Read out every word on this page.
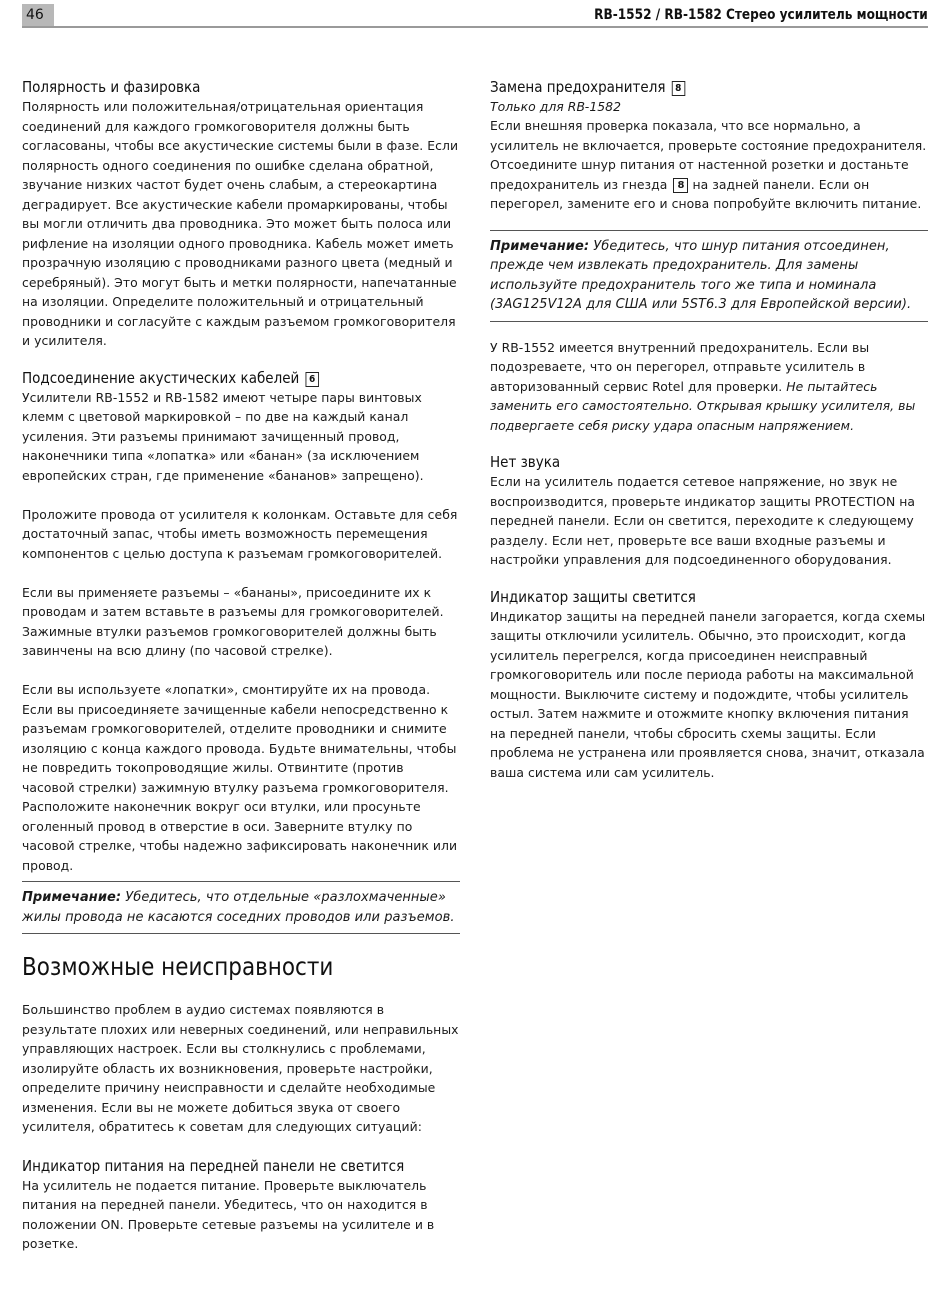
46	RB-1552 / RB-1582 Стерео усилитель мощности
Полярность и фазировка

Полярность или положительная/отрицательная ориентация соединений для каждого громкоговорителя должны быть согласованы, чтобы все акустические системы были в фазе. Если полярность одного соединения по ошибке сделана обратной, звучание низких частот будет очень слабым, а стереокартина деградирует. Все акустические кабели промаркированы, чтобы вы могли отличить два проводника. Это может быть полоса или рифление на изоляции одного проводника. Кабель может иметь прозрачную изоляцию с проводниками разного цвета (медный и серебряный). Это могут быть и метки полярности, напечатанные на изоляции. Определите положительный и отрицательный проводники и согласуйте с каждым разъемом громкоговорителя и усилителя.

Подсоединение акустических кабелей 6

Усилители RB-1552 и RB-1582 имеют четыре пары винтовых клемм с цветовой маркировкой – по две на каждый канал усиления. Эти разъемы принимают зачищенный провод, наконечники типа «лопатка» или «банан» (за исключением европейских стран, где применение «бананов» запрещено).

Проложите провода от усилителя к колонкам. Оставьте для себя достаточный запас, чтобы иметь возможность перемещения компонентов с целью доступа к разъемам громкоговорителей.

Если вы применяете разъемы – «бананы», присоедините их к проводам и затем вставьте в разъемы для громкоговорителей. Зажимные втулки разъемов громкоговорителей должны быть завинчены на всю длину (по часовой стрелке).

Если вы используете «лопатки», смонтируйте их на провода. Если вы присоединяете зачищенные кабели непосредственно к разъемам громкоговорителей, отделите проводники и снимите изоляцию с конца каждого провода. Будьте внимательны, чтобы не повредить токопроводящие жилы. Отвинтите (против часовой стрелки) зажимную втулку разъема громкоговорителя. Расположите наконечник вокруг оси втулки, или просуньте оголенный провод в отверстие в оси. Заверните втулку по часовой стрелке, чтобы надежно зафиксировать наконечник или провод.

Примечание: Убедитесь, что отдельные «разлохмаченные» жилы провода не касаются соседних проводов или разъемов.

Возможные неисправности

Большинство проблем в аудио системах появляются в результате плохих или неверных соединений, или неправильных управляющих настроек. Если вы столкнулись с проблемами, изолируйте область их возникновения, проверьте настройки, определите причину неисправности и сделайте необходимые изменения. Если вы не можете добиться звука от своего усилителя, обратитесь к советам для следующих ситуаций:

Индикатор питания на передней панели не светится

На усилитель не подается питание. Проверьте выключатель питания на передней панели. Убедитесь, что он находится в положении ON. Проверьте сетевые разъемы на усилителе и в розетке.

Замена предохранителя 8

Только для RB-1582

Если внешняя проверка показала, что все нормально, а усилитель не включается, проверьте состояние предохранителя. Отсоедините шнур питания от настенной розетки и достаньте предохранитель из гнезда 8 на задней панели. Если он перегорел, замените его и снова попробуйте включить питание.

Примечание: Убедитесь, что шнур питания отсоединен, прежде чем извлекать предохранитель. Для замены используйте предохранитель того же типа и номинала (3AG125V12A для США или 5ST6.3 для Европейской версии).

У RB-1552 имеется внутренний предохранитель. Если вы подозреваете, что он перегорел, отправьте усилитель в авторизованный сервис Rotel для проверки. Не пытайтесь заменить его самостоятельно. Открывая крышку усилителя, вы подвергаете себя риску удара опасным напряжением.

Нет звука

Если на усилитель подается сетевое напряжение, но звук не воспроизводится, проверьте индикатор защиты PROTECTION на передней панели. Если он светится, переходите к следующему разделу. Если нет, проверьте все ваши входные разъемы и настройки управления для подсоединенного оборудования.

Индикатор защиты светится

Индикатор защиты на передней панели загорается, когда схемы защиты отключили усилитель. Обычно, это происходит, когда усилитель перегрелся, когда присоединен неисправный громкоговоритель или после периода работы на максимальной мощности. Выключите систему и подождите, чтобы усилитель остыл. Затем нажмите и отожмите кнопку включения питания на передней панели, чтобы сбросить схемы защиты. Если проблема не устранена или проявляется снова, значит, отказала ваша система или сам усилитель.
